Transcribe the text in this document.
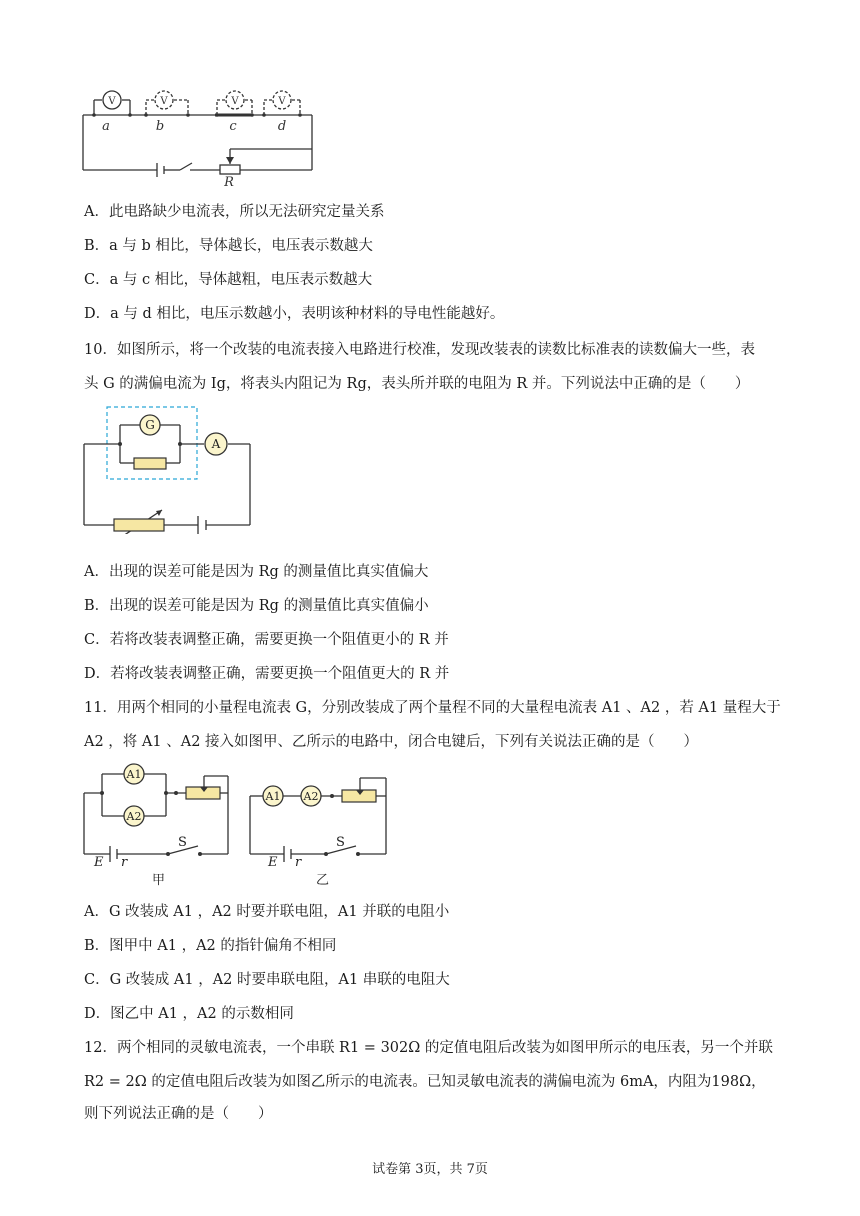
V	V	V	V
a	b	c	d
R
A．此电路缺少电流表，所以无法研究定量关系
B．a 与 b 相比，导体越长，电压表示数越大
C．a 与 c 相比，导体越粗，电压表示数越大
D．a 与 d 相比，电压示数越小，表明该种材料的导电性能越好。
10．如图所示，将一个改装的电流表接入电路进行校准，发现改装表的读数比标准表的读数偏大一些，表
头 G 的满偏电流为 Ig，将表头内阻记为 Rg，表头所并联的电阻为 R 并。下列说法中正确的是（　　）
G
A
A．出现的误差可能是因为 Rg 的测量值比真实值偏大
B．出现的误差可能是因为 Rg 的测量值比真实值偏小
C．若将改装表调整正确，需要更换一个阻值更小的 R 并
D．若将改装表调整正确，需要更换一个阻值更大的 R 并
11．用两个相同的小量程电流表 G，分别改装成了两个量程不同的大量程电流表 A1 、A2 ，若 A1 量程大于
A2 ，将 A1 、A2 接入如图甲、乙所示的电路中，闭合电键后，下列有关说法正确的是（　　）
A1
A2
E r
S
甲
A1 A2
E r
S
乙
A．G 改装成 A1 ，A2 时要并联电阻，A1 并联的电阻小
B．图甲中 A1 ，A2 的指针偏角不相同
C．G 改装成 A1 ，A2 时要串联电阻，A1 串联的电阻大
D．图乙中 A1 ，A2 的示数相同
12．两个相同的灵敏电流表，一个串联 R1 = 302Ω 的定值电阻后改装为如图甲所示的电压表，另一个并联
R2 = 2Ω 的定值电阻后改装为如图乙所示的电流表。已知灵敏电流表的满偏电流为 6mA，内阻为198Ω，
则下列说法正确的是（　　）
试卷第 3页，共 7页
